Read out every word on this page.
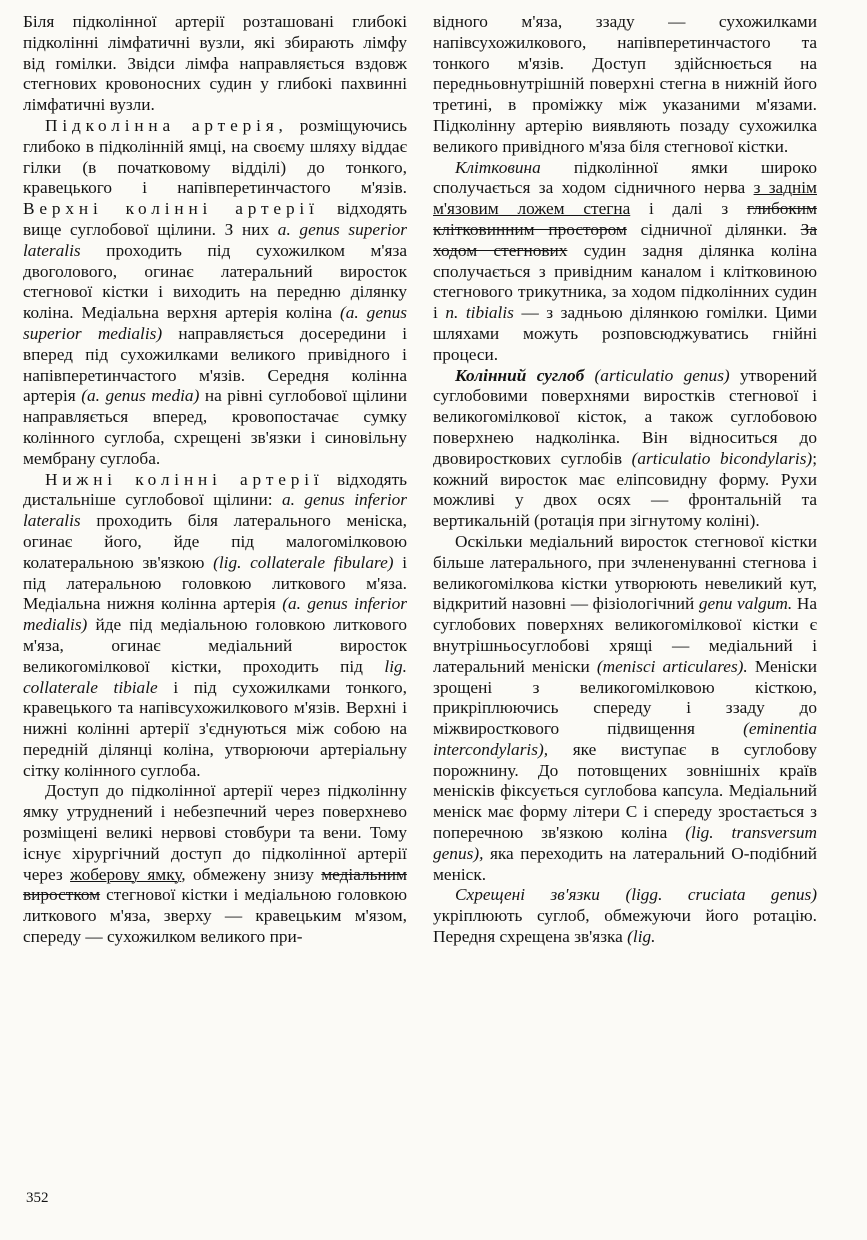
Біля підколінної артерії розташовані глибокі підколінні лімфатичні вузли, які збирають лімфу від гомілки. Звідси лімфа направляється вздовж стегнових кровоносних судин у глибокі пахвинні лімфатичні вузли.

Підколінна артерія, розміщуючись глибоко в підколінній ямці, на своєму шляху віддає гілки (в початковому відділі) до тонкого, кравецького і напівперетинчастого м'язів. Верхні колінні артерії відходять вище суглобової щілини. З них a. genus superior lateralis проходить під сухожилком м'яза двоголового, огинає латеральний виросток стегнової кістки і виходить на передню ділянку коліна. Медіальна верхня артерія коліна (a. genus superior medialis) направляється досередини і вперед під сухожилками великого привідного і напівперетинчастого м'язів. Середня колінна артерія (a. genus media) на рівні суглобової щілини направляється вперед, кровопостачає сумку колінного суглоба, схрещені зв'язки і синовільну мембрану суглоба.

Нижні колінні артерії відходять дистальніше суглобової щілини: a. genus inferior lateralis проходить біля латерального меніска, огинає його, йде під малогомілковою колатеральною зв'язкою (lig. collaterale fibulare) і під латеральною головкою литкового м'яза. Медіальна нижня колінна артерія (a. genus inferior medialis) йде під медіальною головкою литкового м'яза, огинає медіальний виросток великогомілкової кістки, проходить під lig. collaterale tibiale і під сухожилками тонкого, кравецького та напівсухожилкового м'язів. Верхні і нижні колінні артерії з'єднуються між собою на передній ділянці коліна, утворюючи артеріальну сітку колінного суглоба.

Доступ до підколінної артерії через підколінну ямку утруднений і небезпечний через поверхнево розміщені великі нервові стовбури та вени. Тому існує хірургічний доступ до підколінної артерії через жоберову ямку, обмежену знизу медіальним виростком стегнової кістки і медіальною головкою литкового м'яза, зверху — кравецьким м'язом, спереду — сухожилком великого при-

відного м'яза, ззаду — сухожилками напівсухожилкового, напівперетинчастого та тонкого м'язів. Доступ здійснюється на передньовнутрішній поверхні стегна в нижній його третині, в проміжку між указаними м'язами. Підколінну артерію виявляють позаду сухожилка великого привідного м'яза біля стегнової кістки.

Клітковина підколінної ямки широко сполучається за ходом сідничного нерва з заднім м'язовим ложем стегна і далі з глибоким клітковинним простором сідничної ділянки. За ходом стегнових судин задня ділянка коліна сполучається з привідним каналом і клітковиною стегнового трикутника, за ходом підколінних судин і n. tibialis — з задньою ділянкою гомілки. Цими шляхами можуть розповсюджуватись гнійні процеси.

Колінний суглоб (articulatio genus) утворений суглобовими поверхнями виростків стегнової і великогомілкової кісток, а також суглобовою поверхнею надколінка. Він відноситься до двовиросткових суглобів (articulatio bicondylaris); кожний виросток має еліпсовидну форму. Рухи можливі у двох осях — фронтальній та вертикальній (ротація при зігнутому коліні).

Оскільки медіальний виросток стегнової кістки більше латерального, при зчлененуванні стегнова і великогомілкова кістки утворюють невеликий кут, відкритий назовні — фізіологічний genu valgum. На суглобових поверхнях великогомілкової кістки є внутрішньосуглобові хрящі — медіальний і латеральний меніски (menisci articulares). Меніски зрощені з великогомілковою кісткою, прикріплюючись спереду і ззаду до міжвиросткового підвищення (eminentia intercondylaris), яке виступає в суглобову порожнину. До потовщених зовнішніх країв менісків фіксується суглобова капсула. Медіальний меніск має форму літери С і спереду зростається з поперечною зв'язкою коліна (lig. transversum genus), яка переходить на латеральний О-подібний меніск.

Схрещені зв'язки (ligg. cruciata genus) укріплюють суглоб, обмежуючи його ротацію. Передня схрещена зв'язка (lig.

352
